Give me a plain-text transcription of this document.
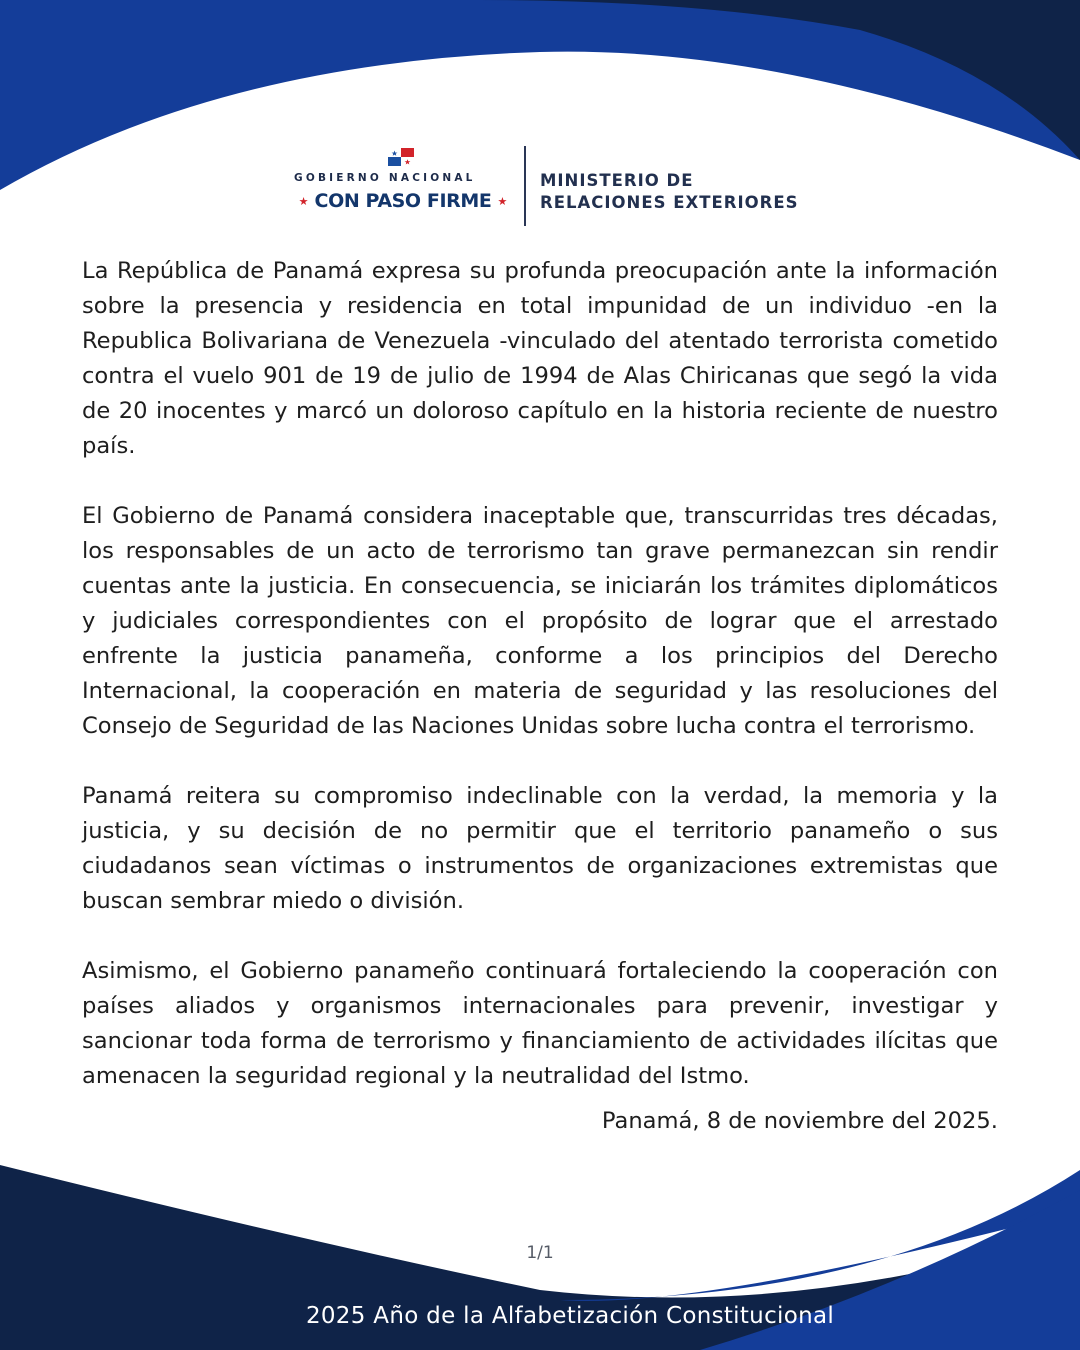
GOBIERNO NACIONAL
★ CON PASO FIRME ★
MINISTERIO DE
RELACIONES EXTERIORES

La República de Panamá expresa su profunda preocupación ante la información sobre la presencia y residencia en total impunidad de un individuo -en la Republica Bolivariana de Venezuela -vinculado del atentado terrorista cometido contra el vuelo 901 de 19 de julio de 1994 de Alas Chiricanas que segó la vida de 20 inocentes y marcó un doloroso capítulo en la historia reciente de nuestro país.

El Gobierno de Panamá considera inaceptable que, transcurridas tres décadas, los responsables de un acto de terrorismo tan grave permanezcan sin rendir cuentas ante la justicia. En consecuencia, se iniciarán los trámites diplomáticos y judiciales correspondientes con el propósito de lograr que el arrestado enfrente la justicia panameña, conforme a los principios del Derecho Internacional, la cooperación en materia de seguridad y las resoluciones del Consejo de Seguridad de las Naciones Unidas sobre lucha contra el terrorismo.

Panamá reitera su compromiso indeclinable con la verdad, la memoria y la justicia, y su decisión de no permitir que el territorio panameño o sus ciudadanos sean víctimas o instrumentos de organizaciones extremistas que buscan sembrar miedo o división.

Asimismo, el Gobierno panameño continuará fortaleciendo la cooperación con países aliados y organismos internacionales para prevenir, investigar y sancionar toda forma de terrorismo y financiamiento de actividades ilícitas que amenacen la seguridad regional y la neutralidad del Istmo.

Panamá, 8 de noviembre del 2025.
1/1
2025 Año de la Alfabetización Constitucional
